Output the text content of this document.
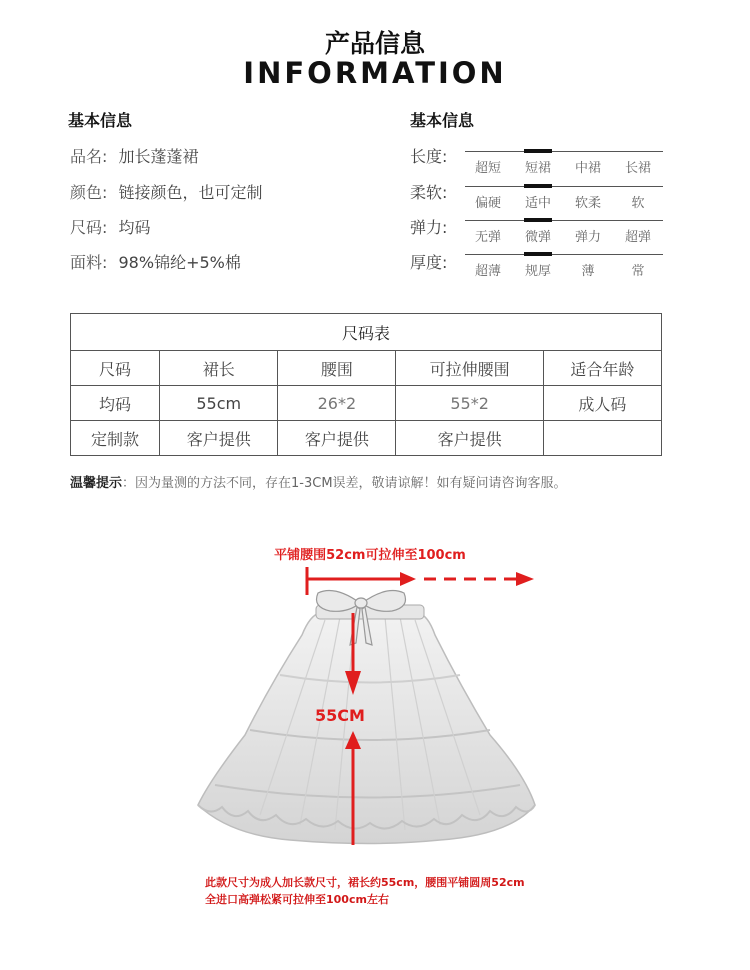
产品信息
INFORMATION
基本信息
品名: 加长蓬蓬裙
颜色: 链接颜色，也可定制
尺码: 均码
面料: 98%锦纶+5%棉
基本信息
长度:
超短	短裙	中裙	长裙
柔软:
偏硬	适中	软柔	软
弹力:
无弹	微弹	弹力	超弹
厚度:	超薄	规厚	薄	常
尺码表				
尺码	裙长	腰围	可拉伸腰围	适合年龄
均码	55cm	26*2	55*2	成人码
定制款	客户提供	客户提供	客户提供	
温馨提示：因为量测的方法不同，存在1-3CM误差，敬请谅解！如有疑问请咨询客服。
平铺腰围52cm可拉伸至100cm
55CM
此款尺寸为成人加长款尺寸，裙长约55cm，腰围平铺圆周52cm
全进口高弹松紧可拉伸至100cm左右
